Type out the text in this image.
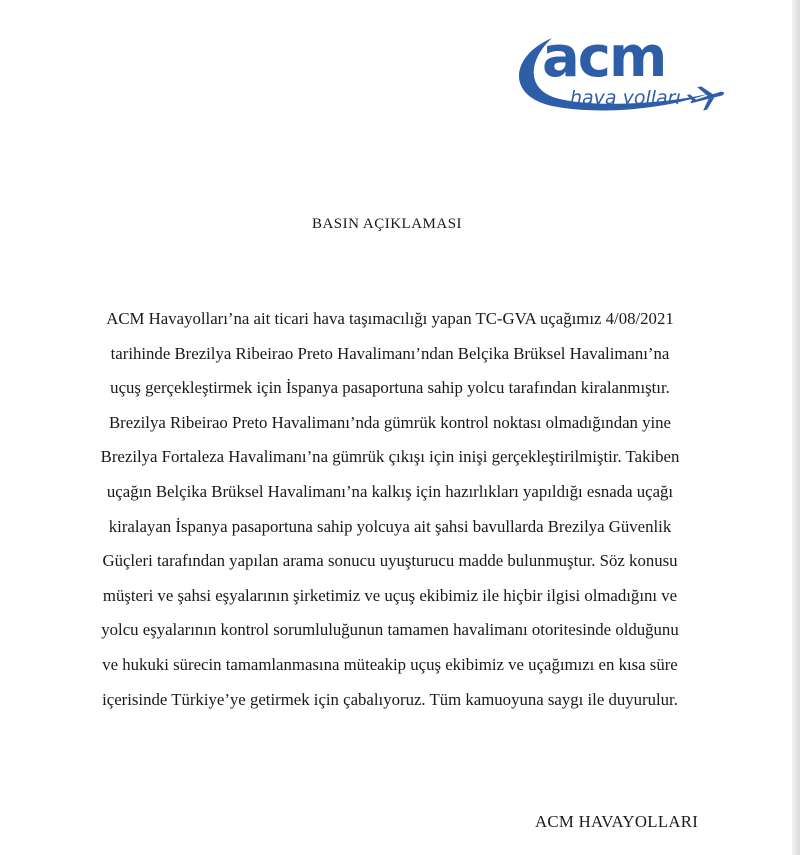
acm
hava yolları
BASIN AÇIKLAMASI
ACM Havayolları’na ait ticari hava taşımacılığı yapan TC-GVA uçağımız 4/08/2021
tarihinde Brezilya Ribeirao Preto Havalimanı’ndan Belçika Brüksel Havalimanı’na
uçuş gerçekleştirmek için İspanya pasaportuna sahip yolcu tarafından kiralanmıştır.
Brezilya Ribeirao Preto Havalimanı’nda gümrük kontrol noktası olmadığından yine
Brezilya Fortaleza Havalimanı’na gümrük çıkışı için inişi gerçekleştirilmiştir. Takiben
uçağın Belçika Brüksel Havalimanı’na kalkış için hazırlıkları yapıldığı esnada uçağı
kiralayan İspanya pasaportuna sahip yolcuya ait şahsi bavullarda Brezilya Güvenlik
Güçleri tarafından yapılan arama sonucu uyuşturucu madde bulunmuştur. Söz konusu
müşteri ve şahsi eşyalarının şirketimiz ve uçuş ekibimiz ile hiçbir ilgisi olmadığını ve
yolcu eşyalarının kontrol sorumluluğunun tamamen havalimanı otoritesinde olduğunu
ve hukuki sürecin tamamlanmasına müteakip uçuş ekibimiz ve uçağımızı en kısa süre
içerisinde Türkiye’ye getirmek için çabalıyoruz. Tüm kamuoyuna saygı ile duyurulur.
ACM HAVAYOLLARI
